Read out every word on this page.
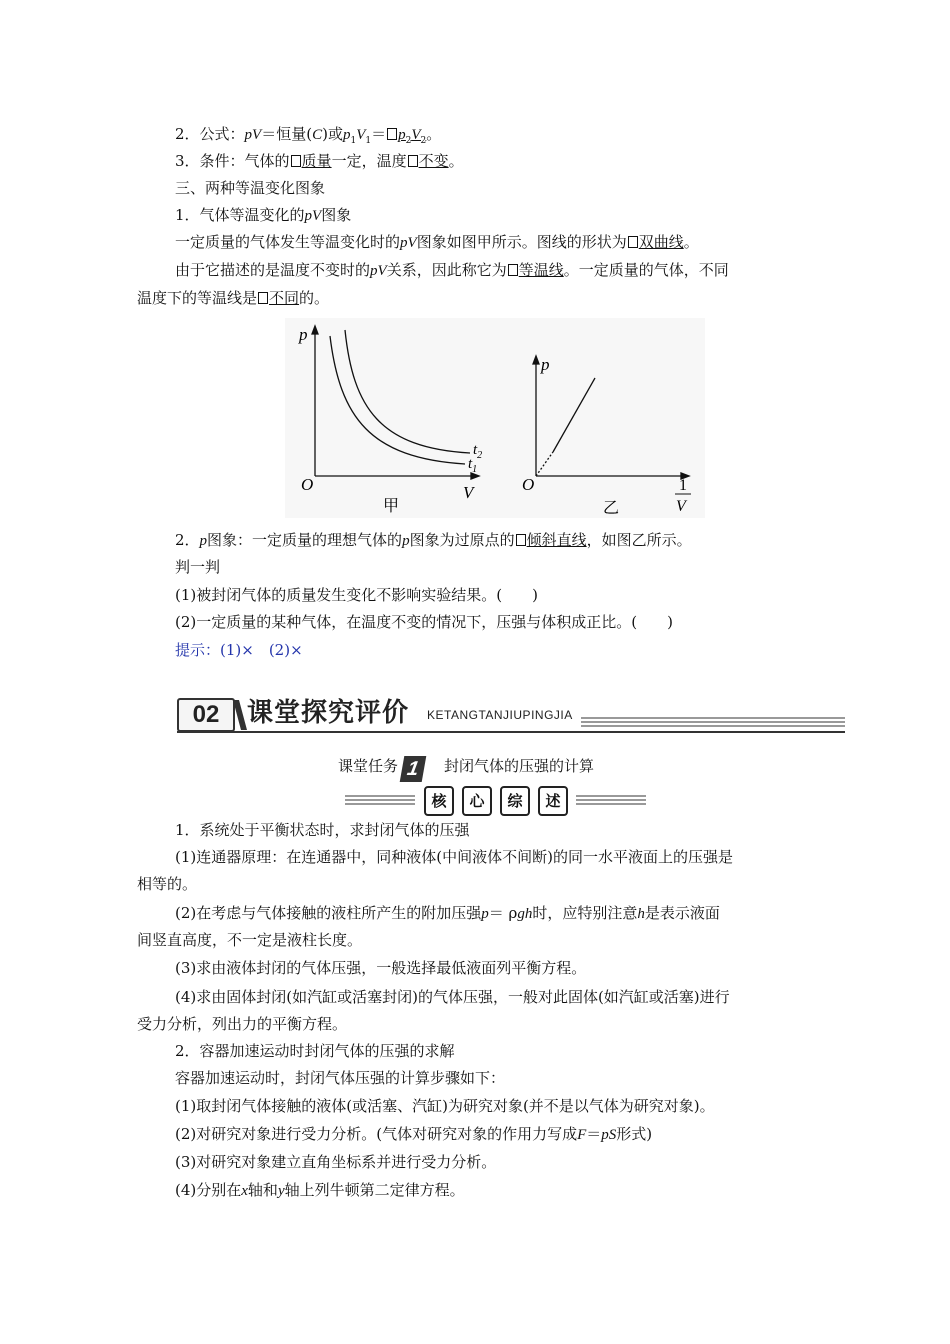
2．公式：pV＝恒量(C)或$p_1V_1= p_2V_2$。
3．条件：气体的 质量一定，温度 不变。
三、两种等温变化图象
1．气体等温变化的pV图象
一定质量的气体发生等温变化时的pV图象如图甲所示。图线的形状为 双曲线。
由于它描述的是温度不变时的pV关系，因此称它为 等温线。一定质量的气体，不同
温度下的等温线是 不同的。
p
O	V
$t_2$
$t_1$
甲
p
O	1
V
乙
2．p图象：一定质量的理想气体的p图象为过原点的 倾斜直线，如图乙所示。
判一判
(1)被封闭气体的质量发生变化不影响实验结果。(　　)
(2)一定质量的某种气体，在温度不变的情况下，压强与体积成正比。(　　)
提示：(1)×　(2)×
02	课堂探究评价 KETANGTANJIUPINGJIA
课堂任务 1 封闭气体的压强的计算
核 心 综 述
1．系统处于平衡状态时，求封闭气体的压强
(1)连通器原理：在连通器中，同种液体(中间液体不间断)的同一水平液面上的压强是
相等的。
(2)在考虑与气体接触的液柱所产生的附加压强p＝ ρgh时，应特别注意h是表示液面
间竖直高度，不一定是液柱长度。
(3)求由液体封闭的气体压强，一般选择最低液面列平衡方程。
(4)求由固体封闭(如汽缸或活塞封闭)的气体压强，一般对此固体(如汽缸或活塞)进行
受力分析，列出力的平衡方程。
2．容器加速运动时封闭气体的压强的求解
容器加速运动时，封闭气体压强的计算步骤如下：
(1)取封闭气体接触的液体(或活塞、汽缸)为研究对象(并不是以气体为研究对象)。
(2)对研究对象进行受力分析。(气体对研究对象的作用力写成F＝pS形式)
(3)对研究对象建立直角坐标系并进行受力分析。
(4)分别在x轴和y轴上列牛顿第二定律方程。
